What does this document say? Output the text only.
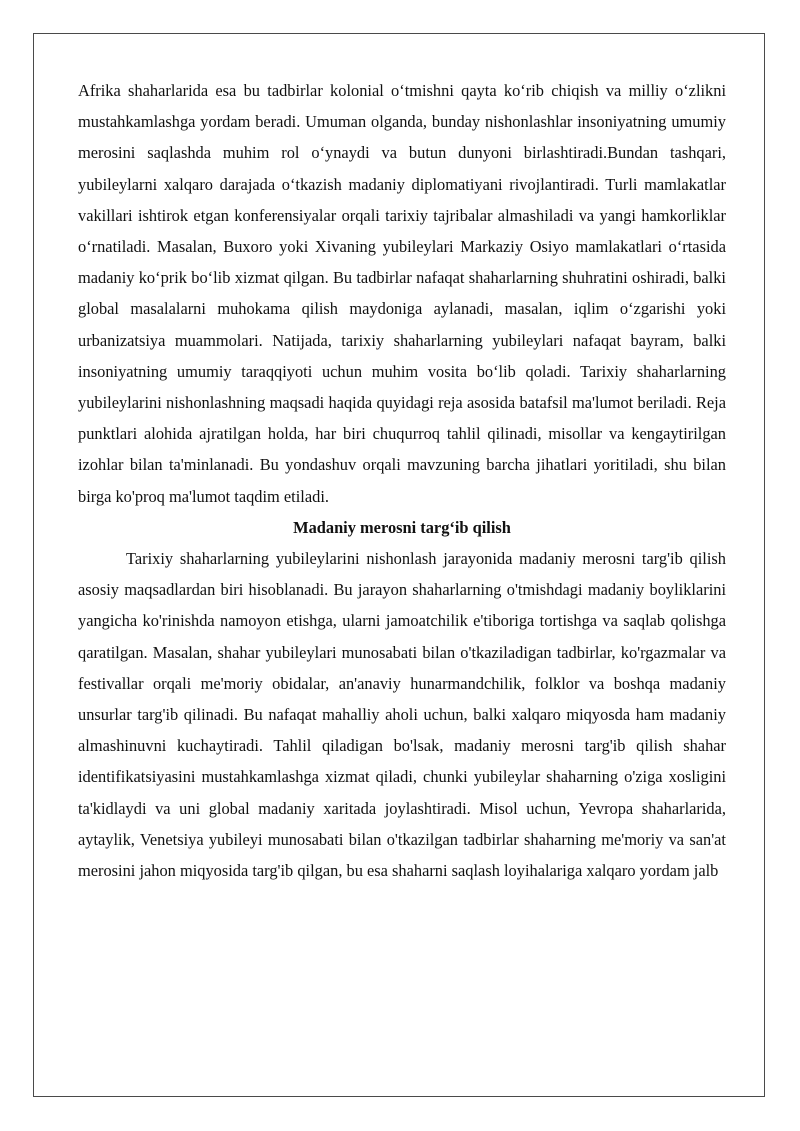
Afrika shaharlarida esa bu tadbirlar kolonial o‘tmishni qayta ko‘rib chiqish va milliy o‘zlikni mustahkamlashga yordam beradi. Umuman olganda, bunday nishonlashlar insoniyatning umumiy merosini saqlashda muhim rol o‘ynaydi va butun dunyoni birlashtiradi.Bundan tashqari, yubileylarni xalqaro darajada o‘tkazish madaniy diplomatiyani rivojlantiradi. Turli mamlakatlar vakillari ishtirok etgan konferensiyalar orqali tarixiy tajribalar almashiladi va yangi hamkorliklar o‘rnatiladi. Masalan, Buxoro yoki Xivaning yubileylari Markaziy Osiyo mamlakatlari o‘rtasida madaniy ko‘prik bo‘lib xizmat qilgan. Bu tadbirlar nafaqat shaharlarning shuhratini oshiradi, balki global masalalarni muhokama qilish maydoniga aylanadi, masalan, iqlim o‘zgarishi yoki urbanizatsiya muammolari. Natijada, tarixiy shaharlarning yubileylari nafaqat bayram, balki insoniyatning umumiy taraqqiyoti uchun muhim vosita bo‘lib qoladi. Tarixiy shaharlarning yubileylarini nishonlashning maqsadi haqida quyidagi reja asosida batafsil ma'lumot beriladi. Reja punktlari alohida ajratilgan holda, har biri chuqurroq tahlil qilinadi, misollar va kengaytirilgan izohlar bilan ta'minlanadi. Bu yondashuv orqali mavzuning barcha jihatlari yoritiladi, shu bilan birga ko'proq ma'lumot taqdim etiladi.

Madaniy merosni targ‘ib qilish

Tarixiy shaharlarning yubileylarini nishonlash jarayonida madaniy merosni targ'ib qilish asosiy maqsadlardan biri hisoblanadi. Bu jarayon shaharlarning o'tmishdagi madaniy boyliklarini yangicha ko'rinishda namoyon etishga, ularni jamoatchilik e'tiboriga tortishga va saqlab qolishga qaratilgan. Masalan, shahar yubileylari munosabati bilan o'tkaziladigan tadbirlar, ko'rgazmalar va festivallar orqali me'moriy obidalar, an'anaviy hunarmandchilik, folklor va boshqa madaniy unsurlar targ'ib qilinadi. Bu nafaqat mahalliy aholi uchun, balki xalqaro miqyosda ham madaniy almashinuvni kuchaytiradi. Tahlil qiladigan bo'lsak, madaniy merosni targ'ib qilish shahar identifikatsiyasini mustahkamlashga xizmat qiladi, chunki yubileylar shaharning o'ziga xosligini ta'kidlaydi va uni global madaniy xaritada joylashtiradi. Misol uchun, Yevropa shaharlarida, aytaylik, Venetsiya yubileyi munosabati bilan o'tkazilgan tadbirlar shaharning me'moriy va san'at merosini jahon miqyosida targ'ib qilgan, bu esa shaharni saqlash loyihalariga xalqaro yordam jalb
